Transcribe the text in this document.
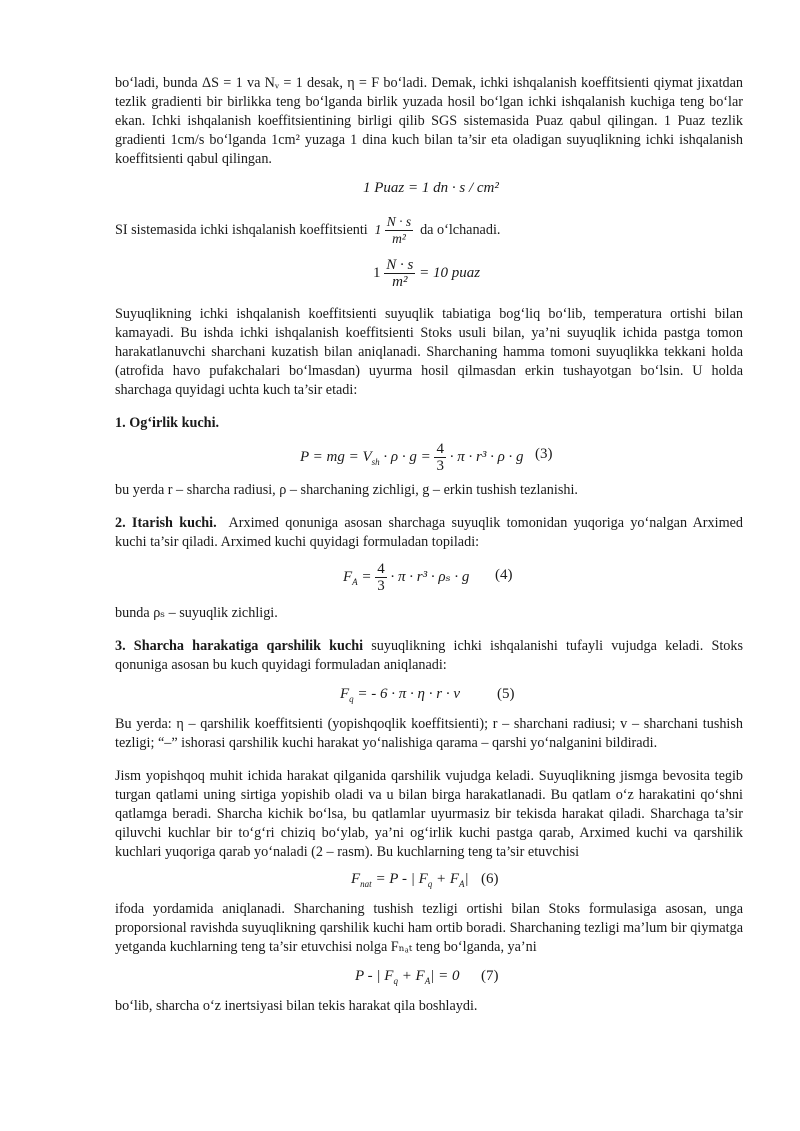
bo‘ladi, bunda ΔS = 1 va Nᵥ = 1 desak, η = F bo‘ladi. Demak, ichki ishqalanish koeffitsienti qiymat jixatdan tezlik gradienti bir birlikka teng bo‘lganda birlik yuzada hosil bo‘lgan ichki ishqalanish kuchiga teng bo‘lar ekan. Ichki ishqalanish koeffitsientining birligi qilib SGS sistemasida Puaz qabul qilingan. 1 Puaz tezlik gradienti 1cm/s bo‘lganda 1cm² yuzaga 1 dina kuch bilan ta’sir eta oladigan suyuqlikning ichki ishqalanish koeffitsienti qabul qilingan.

1 Puaz = 1 dn · s / cm²

SI sistemasida ichki ishqalanish koeffitsienti $1 \frac{N \cdot s}{\text{m²}}$ da o‘lchanadi.

$1 \frac{N \cdot s}{\text{m²}} = 10$ puaz

Suyuqlikning ichki ishqalanish koeffitsienti suyuqlik tabiatiga bog‘liq bo‘lib, temperatura ortishi bilan kamayadi. Bu ishda ichki ishqalanish koeffitsienti Stoks usuli bilan, ya’ni suyuqlik ichida pastga tomon harakatlanuvchi sharchani kuzatish bilan aniqlanadi. Sharchaning hamma tomoni suyuqlikka tekkani holda (atrofida havo pufakchalari bo‘lmasdan) uyurma hosil qilmasdan erkin tushayotgan bo‘lsin. U holda sharchaga quyidagi uchta kuch ta’sir etadi:

1. Og‘irlik kuchi.

P = mg = $V_{sh} \cdot \rho \cdot g = \frac{4}{3} \cdot \pi \cdot r^3 \cdot \rho \cdot g$ (3)

bu yerda r – sharcha radiusi, ρ – sharchaning zichligi, g – erkin tushish tezlanishi.

2. Itarish kuchi. Arximed qonuniga asosan sharchaga suyuqlik tomonidan yuqoriga yo‘nalgan Arximed kuchi ta’sir qiladi. Arximed kuchi quyidagi formuladan topiladi:

$F_A = \frac{4}{3} \cdot \pi \cdot r^3 \cdot \rho_s \cdot g$ (4)

bunda ρₛ – suyuqlik zichligi.

3. Sharcha harakatiga qarshilik kuchi suyuqlikning ichki ishqalanishi tufayli vujudga keladi. Stoks qonuniga asosan bu kuch quyidagi formuladan aniqlanadi:

$F_q$ = - 6 · π · η · r · v (5)

Bu yerda: η – qarshilik koeffitsienti (yopishqoqlik koeffitsienti); r – sharchani radiusi; v – sharchani tushish tezligi; “–” ishorasi qarshilik kuchi harakat yo‘nalishiga qarama – qarshi yo‘nalganini bildiradi.

Jism yopishqoq muhit ichida harakat qilganida qarshilik vujudga keladi. Suyuqlikning jismga bevosita tegib turgan qatlami uning sirtiga yopishib oladi va u bilan birga harakatlanadi. Bu qatlam o‘z harakatini qo‘shni qatlamga beradi. Sharcha kichik bo‘lsa, bu qatlamlar uyurmasiz bir tekisda harakat qiladi. Sharchaga ta’sir qiluvchi kuchlar bir to‘g‘ri chiziq bo‘ylab, ya’ni og‘irlik kuchi pastga qarab, Arximed kuchi va qarshilik kuchlari yuqoriga qarab yo‘naladi (2 – rasm). Bu kuchlarning teng ta’sir etuvchisi

$F_{nat} = P$ - | $F_q + F_A|$ (6)

ifoda yordamida aniqlanadi. Sharchaning tushish tezligi ortishi bilan Stoks formulasiga asosan, unga proporsional ravishda suyuqlikning qarshilik kuchi ham ortib boradi. Sharchaning tezligi ma’lum bir qiymatga yetganda kuchlarning teng ta’sir etuvchisi nolga Fₙₐₜ teng bo‘lganda, ya’ni

P - | $F_q + F_A| = 0$ (7)

bo‘lib, sharcha o‘z inertsiyasi bilan tekis harakat qila boshlaydi.
